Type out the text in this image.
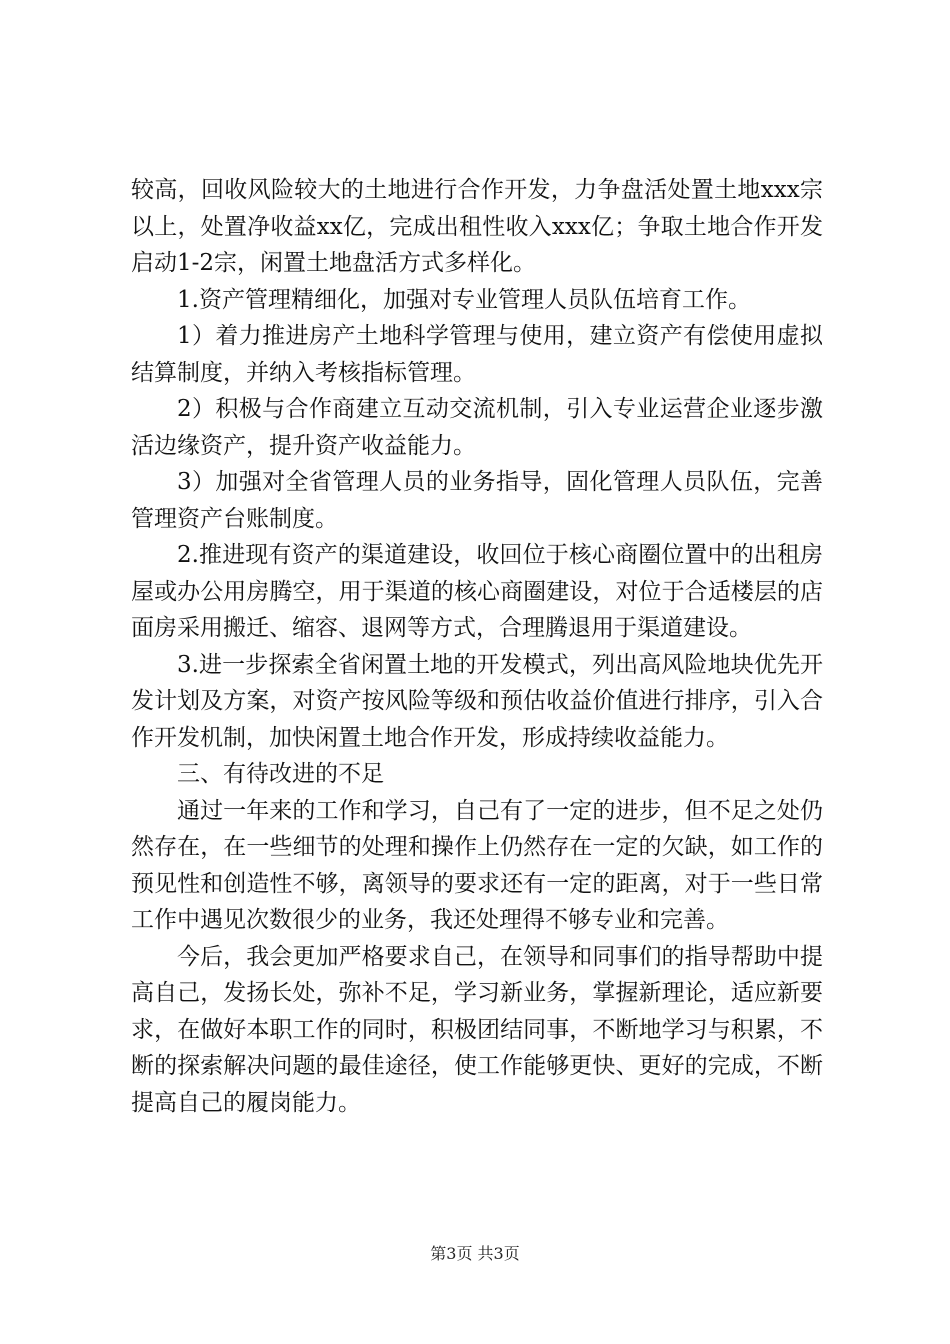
较高，回收风险较大的土地进行合作开发，力争盘活处置土地xxx宗以上，处置净收益xx亿，完成出租性收入xxx亿；争取土地合作开发启动1-2宗，闲置土地盘活方式多样化。

1.资产管理精细化，加强对专业管理人员队伍培育工作。

1）着力推进房产土地科学管理与使用，建立资产有偿使用虚拟结算制度，并纳入考核指标管理。

2）积极与合作商建立互动交流机制，引入专业运营企业逐步激活边缘资产，提升资产收益能力。

3）加强对全省管理人员的业务指导，固化管理人员队伍，完善管理资产台账制度。

2.推进现有资产的渠道建设，收回位于核心商圈位置中的出租房屋或办公用房腾空，用于渠道的核心商圈建设，对位于合适楼层的店面房采用搬迁、缩容、退网等方式，合理腾退用于渠道建设。

3.进一步探索全省闲置土地的开发模式，列出高风险地块优先开发计划及方案，对资产按风险等级和预估收益价值进行排序，引入合作开发机制，加快闲置土地合作开发，形成持续收益能力。

三、有待改进的不足

通过一年来的工作和学习，自己有了一定的进步，但不足之处仍然存在，在一些细节的处理和操作上仍然存在一定的欠缺，如工作的预见性和创造性不够，离领导的要求还有一定的距离，对于一些日常工作中遇见次数很少的业务，我还处理得不够专业和完善。

今后，我会更加严格要求自己，在领导和同事们的指导帮助中提高自己，发扬长处，弥补不足，学习新业务，掌握新理论，适应新要求，在做好本职工作的同时，积极团结同事，不断地学习与积累，不断的探索解决问题的最佳途径，使工作能够更快、更好的完成，不断提高自己的履岗能力。

第3页 共3页
